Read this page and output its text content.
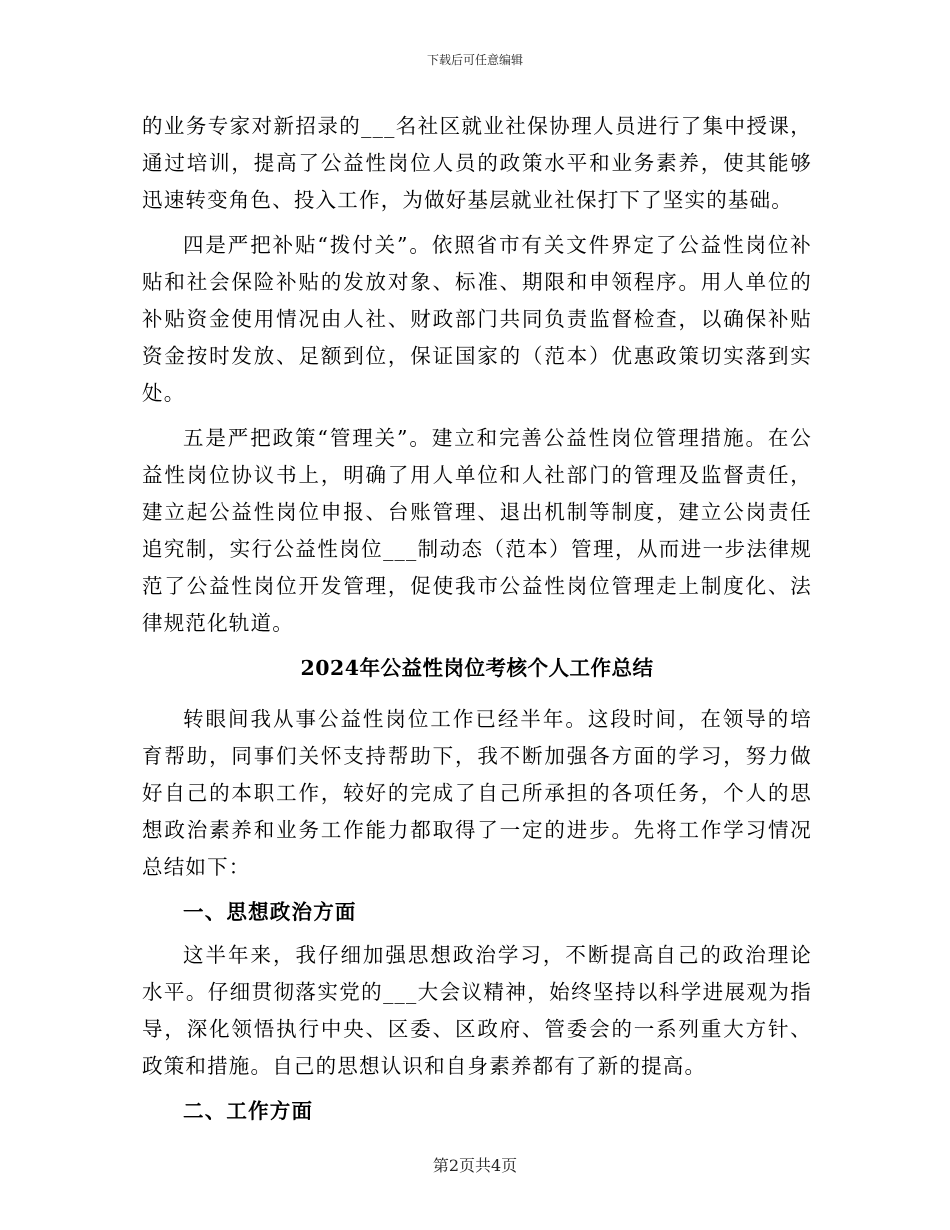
下载后可任意编辑

的业务专家对新招录的___名社区就业社保协理人员进行了集中授课，通过培训，提高了公益性岗位人员的政策水平和业务素养，使其能够迅速转变角色、投入工作，为做好基层就业社保打下了坚实的基础。

四是严把补贴“拨付关”。依照省市有关文件界定了公益性岗位补贴和社会保险补贴的发放对象、标准、期限和申领程序。用人单位的补贴资金使用情况由人社、财政部门共同负责监督检查，以确保补贴资金按时发放、足额到位，保证国家的（范本）优惠政策切实落到实处。

五是严把政策“管理关”。建立和完善公益性岗位管理措施。在公益性岗位协议书上，明确了用人单位和人社部门的管理及监督责任，建立起公益性岗位申报、台账管理、退出机制等制度，建立公岗责任追究制，实行公益性岗位___制动态（范本）管理，从而进一步法律规范了公益性岗位开发管理，促使我市公益性岗位管理走上制度化、法律规范化轨道。

2024年公益性岗位考核个人工作总结

转眼间我从事公益性岗位工作已经半年。这段时间，在领导的培育帮助，同事们关怀支持帮助下，我不断加强各方面的学习，努力做好自己的本职工作，较好的完成了自己所承担的各项任务，个人的思想政治素养和业务工作能力都取得了一定的进步。先将工作学习情况总结如下：

一、思想政治方面

这半年来，我仔细加强思想政治学习，不断提高自己的政治理论水平。仔细贯彻落实党的___大会议精神，始终坚持以科学进展观为指导，深化领悟执行中央、区委、区政府、管委会的一系列重大方针、政策和措施。自己的思想认识和自身素养都有了新的提高。

二、工作方面
第2页共4页
